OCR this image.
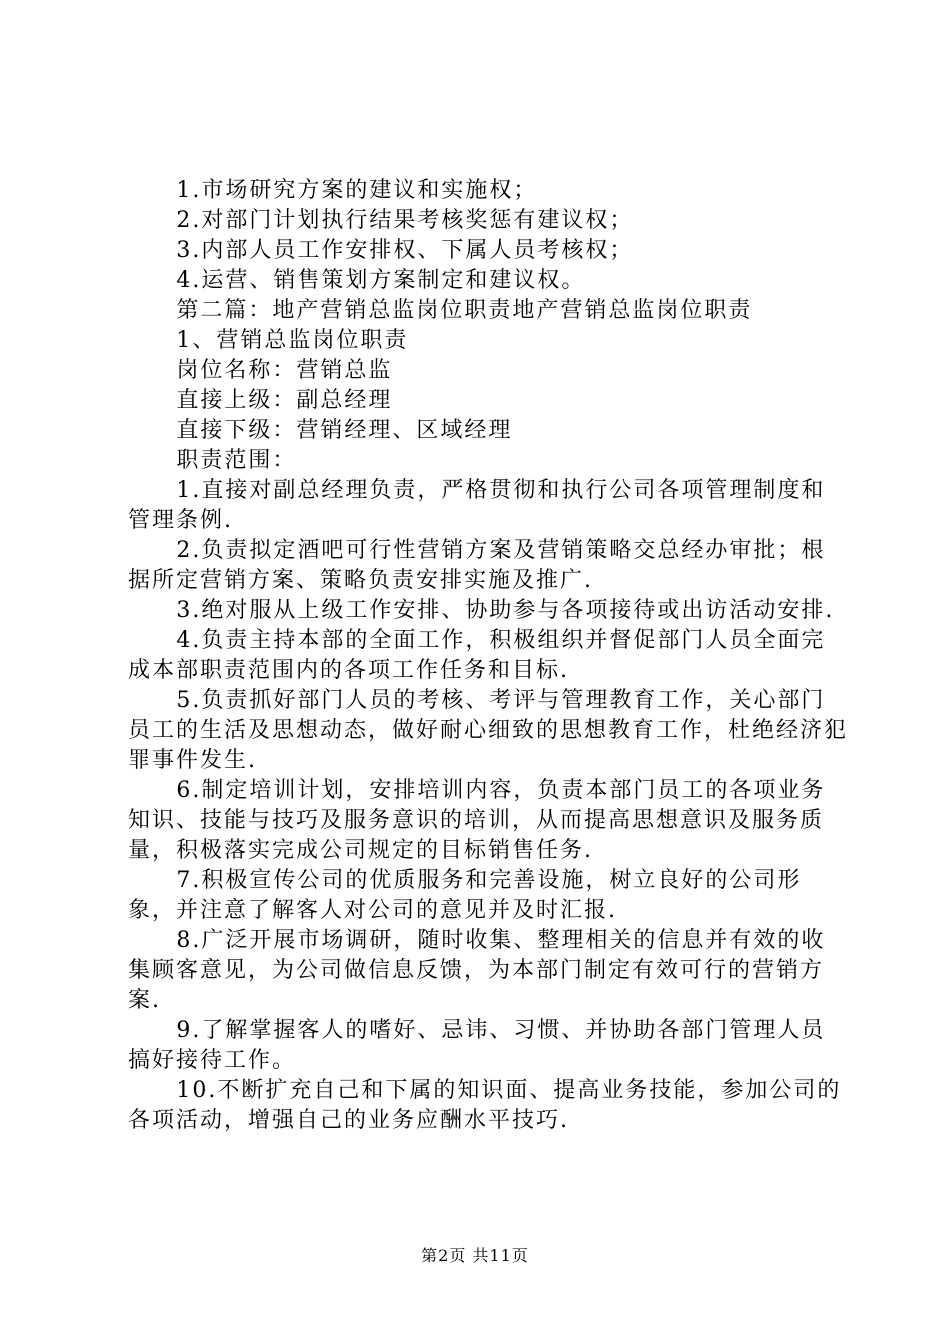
1.市场研究方案的建议和实施权；

2.对部门计划执行结果考核奖惩有建议权；

3.内部人员工作安排权、下属人员考核权；

4.运营、销售策划方案制定和建议权。

第二篇：地产营销总监岗位职责地产营销总监岗位职责

1、营销总监岗位职责

岗位名称：营销总监

直接上级：副总经理

直接下级：营销经理、区域经理

职责范围：

1.直接对副总经理负责，严格贯彻和执行公司各项管理制度和管理条例.

2.负责拟定酒吧可行性营销方案及营销策略交总经办审批；根据所定营销方案、策略负责安排实施及推广.

3.绝对服从上级工作安排、协助参与各项接待或出访活动安排.

4.负责主持本部的全面工作，积极组织并督促部门人员全面完成本部职责范围内的各项工作任务和目标.

5.负责抓好部门人员的考核、考评与管理教育工作，关心部门员工的生活及思想动态，做好耐心细致的思想教育工作，杜绝经济犯罪事件发生.

6.制定培训计划，安排培训内容，负责本部门员工的各项业务知识、技能与技巧及服务意识的培训，从而提高思想意识及服务质量，积极落实完成公司规定的目标销售任务.

7.积极宣传公司的优质服务和完善设施，树立良好的公司形象，并注意了解客人对公司的意见并及时汇报.

8.广泛开展市场调研，随时收集、整理相关的信息并有效的收集顾客意见，为公司做信息反馈，为本部门制定有效可行的营销方案.

9.了解掌握客人的嗜好、忌讳、习惯、并协助各部门管理人员搞好接待工作。

10.不断扩充自己和下属的知识面、提高业务技能，参加公司的各项活动，增强自己的业务应酬水平技巧.

第2页 共11页
